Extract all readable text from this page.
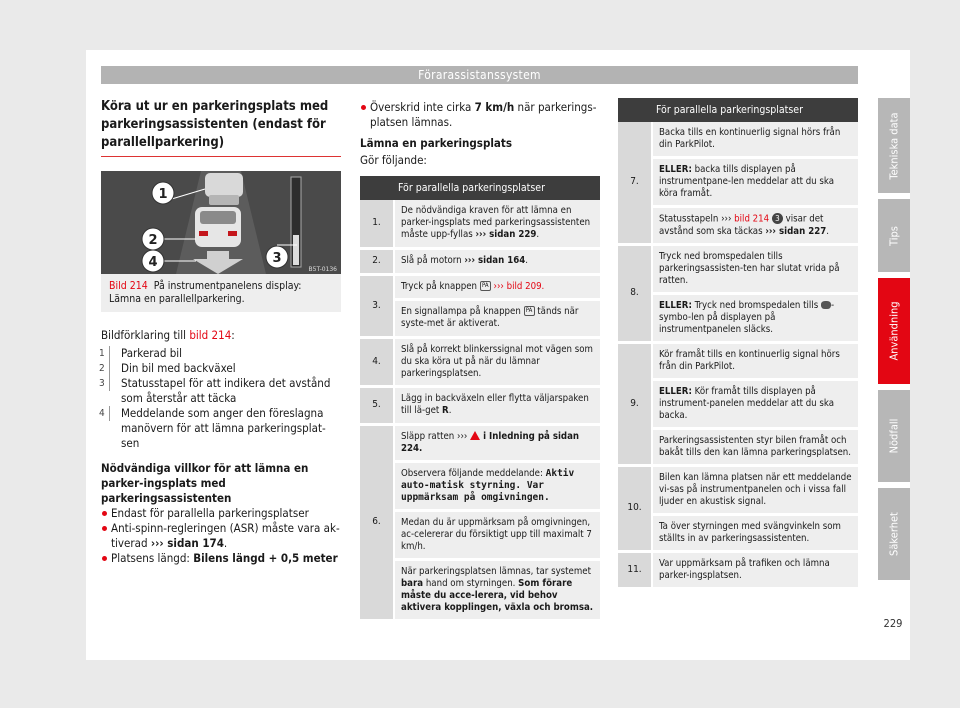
Förarassistanssystem
Tekniska data
Tips
Användning
Nödfall
Säkerhet
229
Köra ut ur en parkeringsplats med parkeringsassistenten (endast för parallellparkering)
1
2
4	3
B5T-0136
Bild 214 På instrumentpanelens display: Lämna en parallellparkering.
Bildförklaring till bild 214:
1	Parkerad bil
2	Din bil med backväxel
3	Statusstapel för att indikera det avstånd som återstår att täcka
4	Meddelande som anger den föreslagna manövern för att lämna parkeringsplat-sen
Nödvändiga villkor för att lämna en parker-ingsplats med parkeringsassistenten
Endast för parallella parkeringsplatser
Anti-spinn-regleringen (ASR) måste vara ak-tiverad ››› sidan 174.
Platsens längd: Bilens längd + 0,5 meter
Överskrid inte cirka 7 km/h när parkerings-platsen lämnas.
Lämna en parkeringsplats
Gör följande:
	För parallella parkeringsplatser
1.	De nödvändiga kraven för att lämna en parker-ingsplats med parkeringsassistenten måste upp-fyllas ››› sidan 229.
2.	Slå på motorn ››› sidan 164.
3.	Tryck på knappen PA ››› bild 209.
	En signallampa på knappen PA tänds när syste-met är aktiverat.
4.	Slå på korrekt blinkerssignal mot vägen som du ska köra ut på när du lämnar parkeringsplatsen.
5.	Lägg in backväxeln eller flytta väljarspaken till lä-get R.
6.	Släpp ratten ›››  i Inledning på sidan 224.
	Observera följande meddelande: Aktiv auto-matisk styrning. Var uppmärksam på omgivningen.
	Medan du är uppmärksam på omgivningen, ac-celererar du försiktigt upp till maximalt 7 km/h.
	När parkeringsplatsen lämnas, tar systemet bara hand om styrningen. Som förare måste du acce-lerera, vid behov aktivera kopplingen, växla och bromsa.
	För parallella parkeringsplatser
7.	Backa tills en kontinuerlig signal hörs från din ParkPilot.
	ELLER: backa tills displayen på instrumentpane-len meddelar att du ska köra framåt.
	Statusstapeln ››› bild 214 3 visar det avstånd som ska täckas ››› sidan 227.
8.	Tryck ned bromspedalen tills parkeringsassisten-ten har slutat vrida på ratten.
	ELLER: Tryck ned bromspedalen tills -symbo-len på displayen på instrumentpanelen släcks.
9.	Kör framåt tills en kontinuerlig signal hörs från din ParkPilot.
	ELLER: Kör framåt tills displayen på instrument-panelen meddelar att du ska backa.
	Parkeringsassistenten styr bilen framåt och bakåt tills den kan lämna parkeringsplatsen.
10.	Bilen kan lämna platsen när ett meddelande vi-sas på instrumentpanelen och i vissa fall ljuder en akustisk signal.
	Ta över styrningen med svängvinkeln som ställts in av parkeringsassistenten.
11.	Var uppmärksam på trafiken och lämna parker-ingsplatsen.
